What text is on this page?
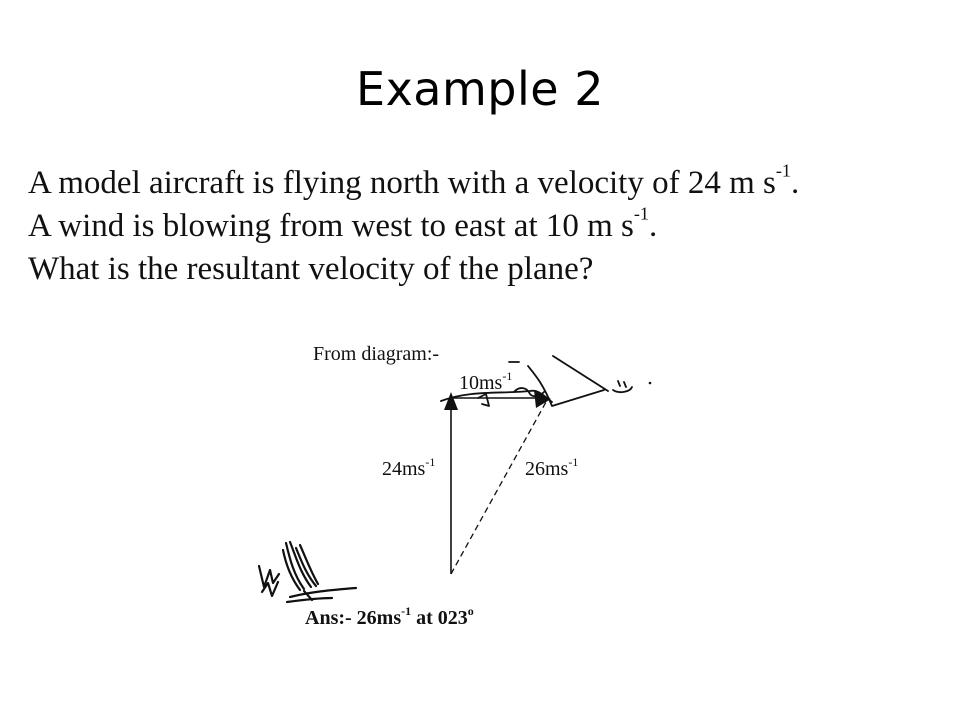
Example 2
A model aircraft is flying north with a velocity of 24 m $s^{-1}$.
A wind is blowing from west to east at 10 m $s^{-1}$.
What is the resultant velocity of the plane?
From diagram:-
$10ms^{-1}$
$24ms^{-1}$	$26ms^{-1}$
Ans:- $26ms^{-1}$ at 023$^o$
